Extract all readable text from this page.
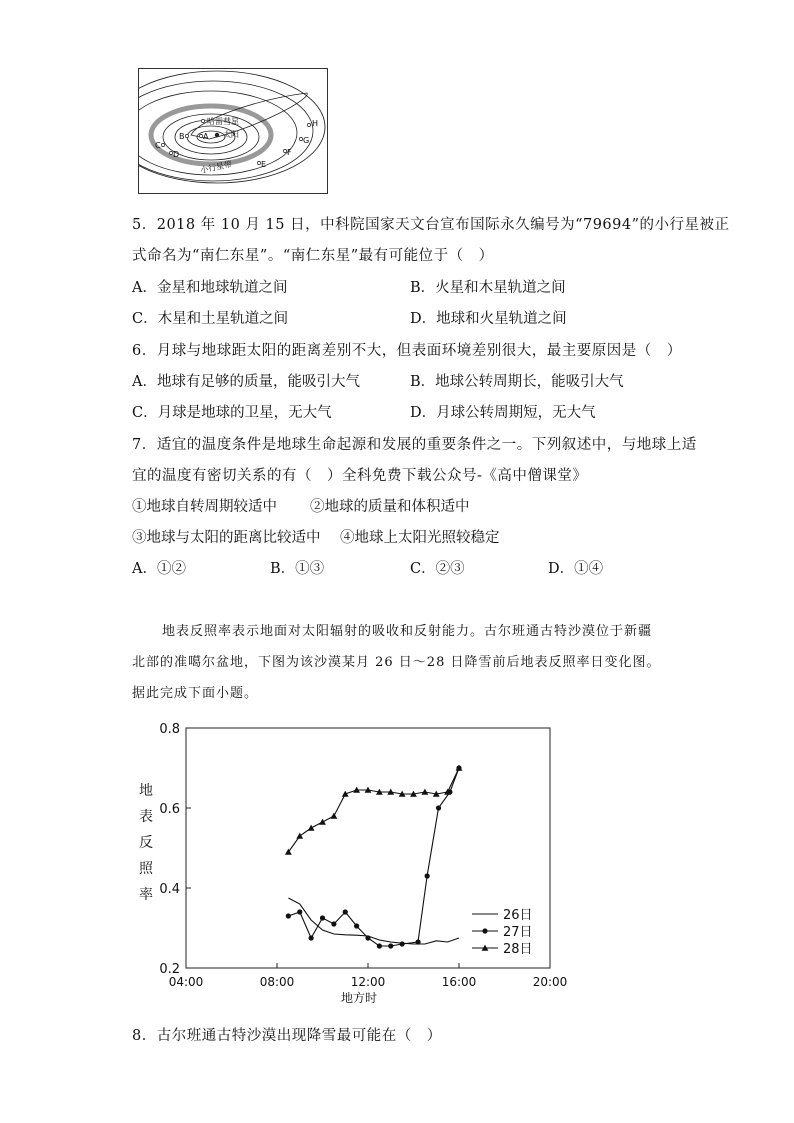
哈雷彗星
太阳
A
B
C
D
E
F
G
H
小行星带
5．2018 年 10 月 15 日，中科院国家天文台宣布国际永久编号为“79694”的小行星被正
式命名为“南仁东星”。“南仁东星”最有可能位于（　）
A．金星和地球轨道之间	B．火星和木星轨道之间
C．木星和土星轨道之间	D．地球和火星轨道之间
6．月球与地球距太阳的距离差别不大，但表面环境差别很大，最主要原因是（　）
A．地球有足够的质量，能吸引大气	B．地球公转周期长，能吸引大气
C．月球是地球的卫星，无大气	D．月球公转周期短，无大气
7．适宜的温度条件是地球生命起源和发展的重要条件之一。下列叙述中，与地球上适
宜的温度有密切关系的有（　）全科免费下载公众号-《高中僧课堂》
①地球自转周期较适中 ②地球的质量和体积适中
③地球与太阳的距离比较适中 ④地球上太阳光照较稳定
A．①②	B．①③	C．②③	D．①④
地表反照率表示地面对太阳辐射的吸收和反射能力。古尔班通古特沙漠位于新疆
北部的准噶尔盆地，下图为该沙漠某月 26 日～28 日降雪前后地表反照率日变化图。
据此完成下面小题。
0.2
0.4
0.6
0.8
04:00	08:00	12:00	16:00	20:00
26日
27日
28日
地方时
地
表
反
照
率
8．古尔班通古特沙漠出现降雪最可能在（　）
